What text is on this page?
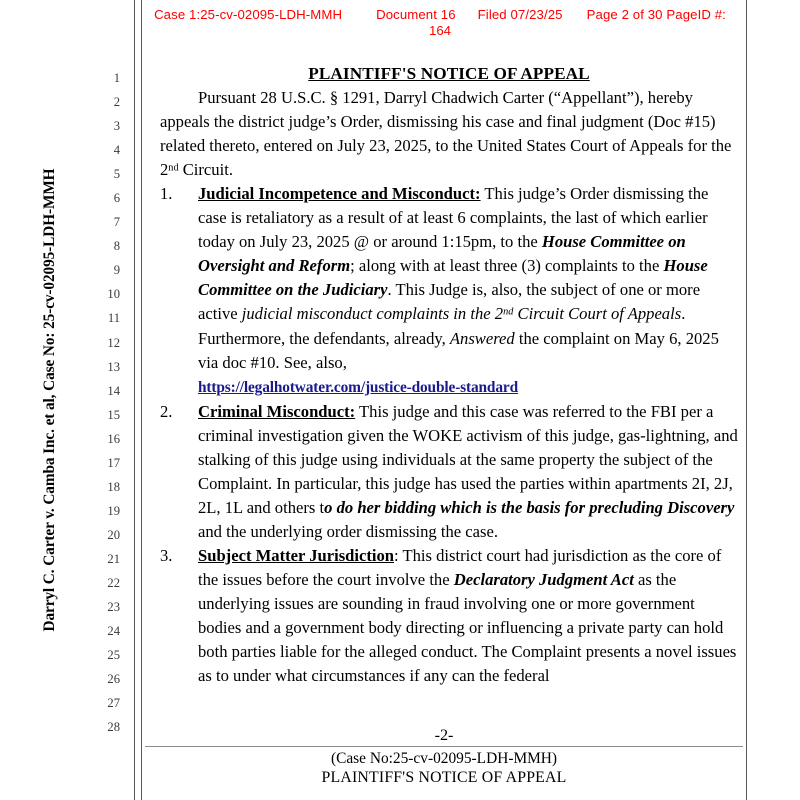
Case 1:25-cv-02095-LDH-MMH	Document 16 Filed 07/23/25 Page 2 of 30 PageID #:
164
Darryl C. Carter v. Camba Inc. et al, Case No: 25-cv-02095-LDH-MMH
1
2
3
4
5
6
7
8
9
10
11
12
13
14
15
16
17
18
19
20
21
22
23
24
25
26
27
28
PLAINTIFF'S NOTICE OF APPEAL

Pursuant 28 U.S.C. § 1291, Darryl Chadwich Carter (“Appellant”), hereby appeals the district judge’s Order, dismissing his case and final judgment (Doc #15) related thereto, entered on July 23, 2025, to the United States Court of Appeals for the 2nd Circuit.

1.	Judicial Incompetence and Misconduct: This judge’s Order dismissing the case is retaliatory as a result of at least 6 complaints, the last of which earlier today on July 23, 2025 @ or around 1:15pm, to the House Committee on Oversight and Reform; along with at least three (3) complaints to the House Committee on the Judiciary. This Judge is, also, the subject of one or more active judicial misconduct complaints in the 2nd Circuit Court of Appeals. Furthermore, the defendants, already, Answered the complaint on May 6, 2025 via doc #10. See, also,
https://legalhotwater.com/justice-double-standard
2.	Criminal Misconduct: This judge and this case was referred to the FBI per a criminal investigation given the WOKE activism of this judge, gas-lightning, and stalking of this judge using individuals at the same property the subject of the Complaint. In particular, this judge has used the parties within apartments 2I, 2J, 2L, 1L and others to do her bidding which is the basis for precluding Discovery and the underlying order dismissing the case.
3.	Subject Matter Jurisdiction: This district court had jurisdiction as the core of the issues before the court involve the Declaratory Judgment Act as the underlying issues are sounding in fraud involving one or more government bodies and a government body directing or influencing a private party can hold both parties liable for the alleged conduct. The Complaint presents a novel issues as to under what circumstances if any can the federal
-2-
(Case No:25-cv-02095-LDH-MMH)
PLAINTIFF'S NOTICE OF APPEAL
